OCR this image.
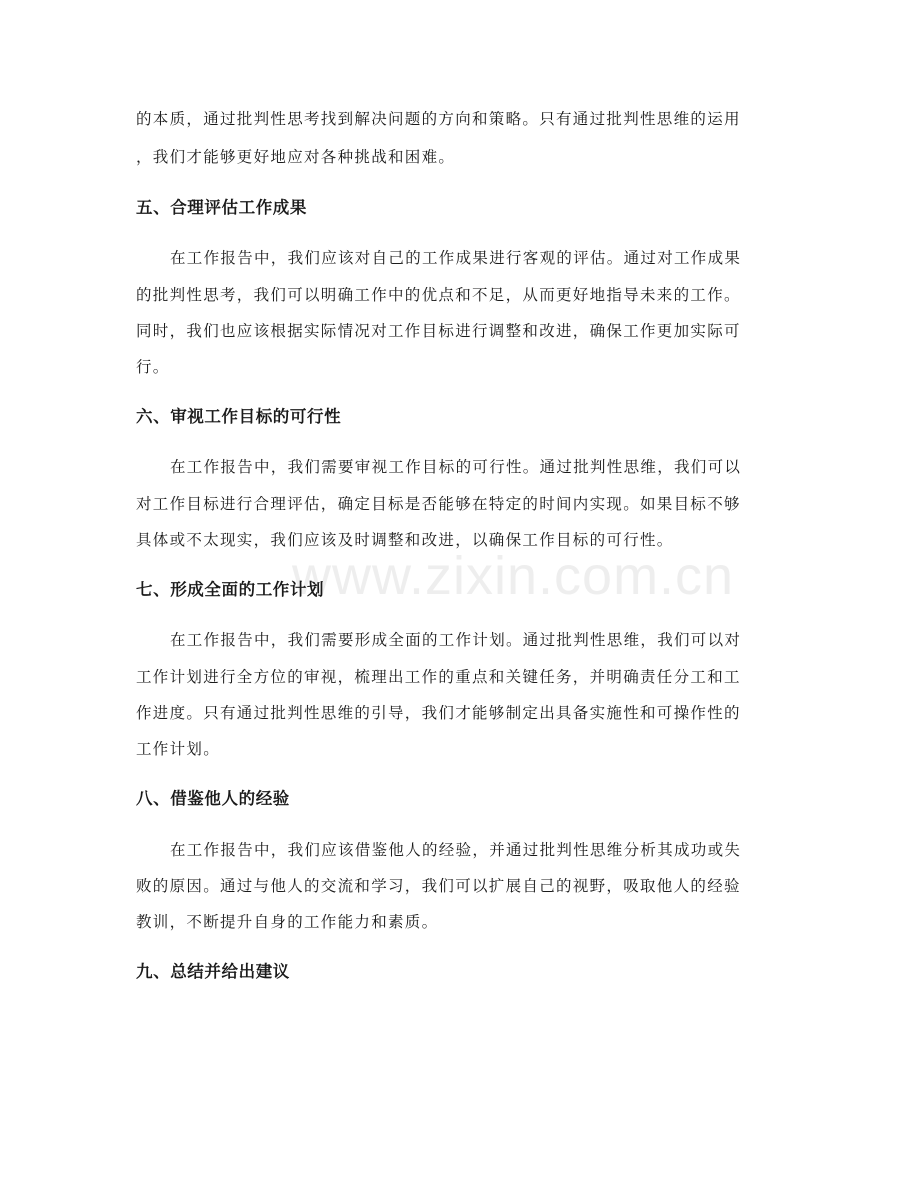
www.zixin.com.cn
的本质，通过批判性思考找到解决问题的方向和策略。只有通过批判性思维的运用
，我们才能够更好地应对各种挑战和困难。
五、合理评估工作成果
在工作报告中，我们应该对自己的工作成果进行客观的评估。通过对工作成果
的批判性思考，我们可以明确工作中的优点和不足，从而更好地指导未来的工作。
同时，我们也应该根据实际情况对工作目标进行调整和改进，确保工作更加实际可
行。
六、审视工作目标的可行性
在工作报告中，我们需要审视工作目标的可行性。通过批判性思维，我们可以
对工作目标进行合理评估，确定目标是否能够在特定的时间内实现。如果目标不够
具体或不太现实，我们应该及时调整和改进，以确保工作目标的可行性。
七、形成全面的工作计划
在工作报告中，我们需要形成全面的工作计划。通过批判性思维，我们可以对
工作计划进行全方位的审视，梳理出工作的重点和关键任务，并明确责任分工和工
作进度。只有通过批判性思维的引导，我们才能够制定出具备实施性和可操作性的
工作计划。
八、借鉴他人的经验
在工作报告中，我们应该借鉴他人的经验，并通过批判性思维分析其成功或失
败的原因。通过与他人的交流和学习，我们可以扩展自己的视野，吸取他人的经验
教训，不断提升自身的工作能力和素质。
九、总结并给出建议
